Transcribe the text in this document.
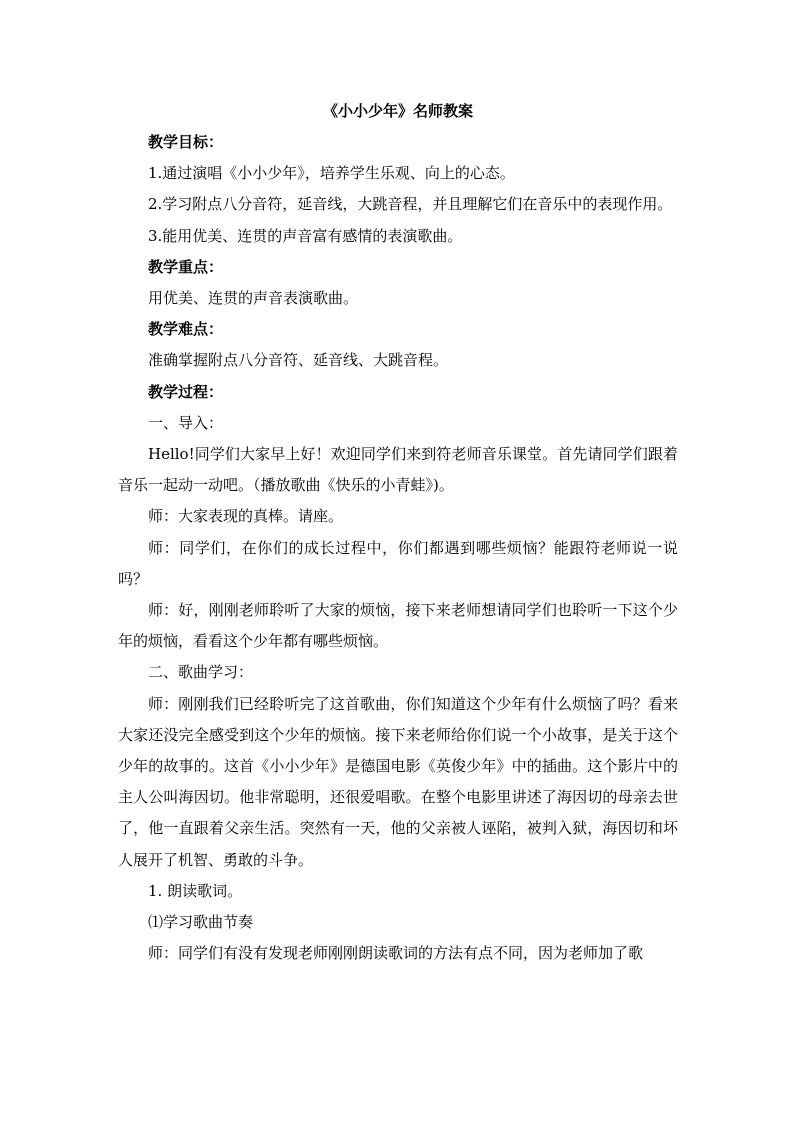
《小小少年》名师教案

教学目标：

1.通过演唱《小小少年》，培养学生乐观、向上的心态。

2.学习附点八分音符，延音线，大跳音程，并且理解它们在音乐中的表现作用。

3.能用优美、连贯的声音富有感情的表演歌曲。

教学重点：

用优美、连贯的声音表演歌曲。

教学难点：

准确掌握附点八分音符、延音线、大跳音程。

教学过程：

一、导入：

Hello!同学们大家早上好！欢迎同学们来到符老师音乐课堂。首先请同学们跟着音乐一起动一动吧。（播放歌曲《快乐的小青蛙》)。

师：大家表现的真棒。请座。

师：同学们，在你们的成长过程中，你们都遇到哪些烦恼？能跟符老师说一说吗？

师：好，刚刚老师聆听了大家的烦恼，接下来老师想请同学们也聆听一下这个少年的烦恼，看看这个少年都有哪些烦恼。

二、歌曲学习：

师：刚刚我们已经聆听完了这首歌曲，你们知道这个少年有什么烦恼了吗？看来大家还没完全感受到这个少年的烦恼。接下来老师给你们说一个小故事，是关于这个少年的故事的。这首《小小少年》是德国电影《英俊少年》中的插曲。这个影片中的主人公叫海因切。他非常聪明，还很爱唱歌。在整个电影里讲述了海因切的母亲去世了，他一直跟着父亲生活。突然有一天，他的父亲被人诬陷，被判入狱，海因切和坏人展开了机智、勇敢的斗争。

1. 朗读歌词。

⑴学习歌曲节奏

师：同学们有没有发现老师刚刚朗读歌词的方法有点不同，因为老师加了歌
